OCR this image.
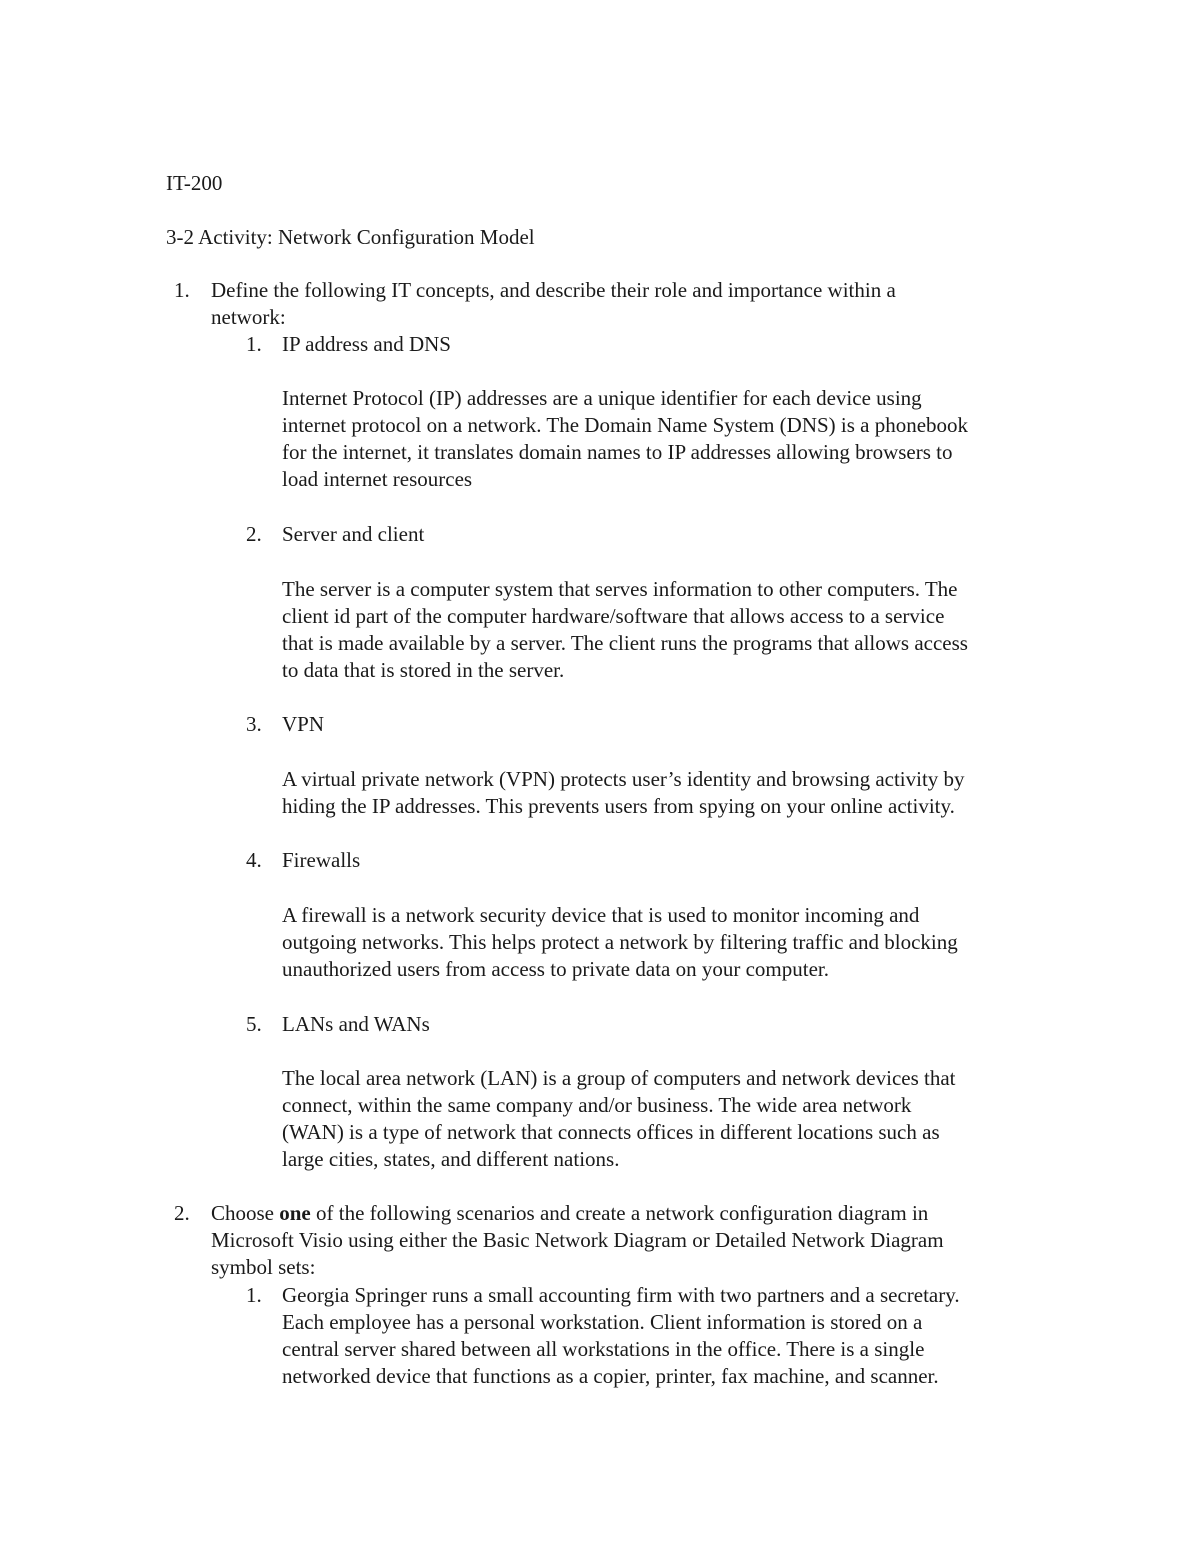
IT-200
3-2 Activity: Network Configuration Model
1. Define the following IT concepts, and describe their role and importance within a
network:
1. IP address and DNS
Internet Protocol (IP) addresses are a unique identifier for each device using
internet protocol on a network. The Domain Name System (DNS) is a phonebook
for the internet, it translates domain names to IP addresses allowing browsers to
load internet resources
2. Server and client
The server is a computer system that serves information to other computers. The
client id part of the computer hardware/software that allows access to a service
that is made available by a server. The client runs the programs that allows access
to data that is stored in the server.
3. VPN
A virtual private network (VPN) protects user’s identity and browsing activity by
hiding the IP addresses. This prevents users from spying on your online activity.
4. Firewalls
A firewall is a network security device that is used to monitor incoming and
outgoing networks. This helps protect a network by filtering traffic and blocking
unauthorized users from access to private data on your computer.
5. LANs and WANs
The local area network (LAN) is a group of computers and network devices that
connect, within the same company and/or business. The wide area network
(WAN) is a type of network that connects offices in different locations such as
large cities, states, and different nations.
2. Choose one of the following scenarios and create a network configuration diagram in
Microsoft Visio using either the Basic Network Diagram or Detailed Network Diagram
symbol sets:
1. Georgia Springer runs a small accounting firm with two partners and a secretary.
Each employee has a personal workstation. Client information is stored on a
central server shared between all workstations in the office. There is a single
networked device that functions as a copier, printer, fax machine, and scanner.
